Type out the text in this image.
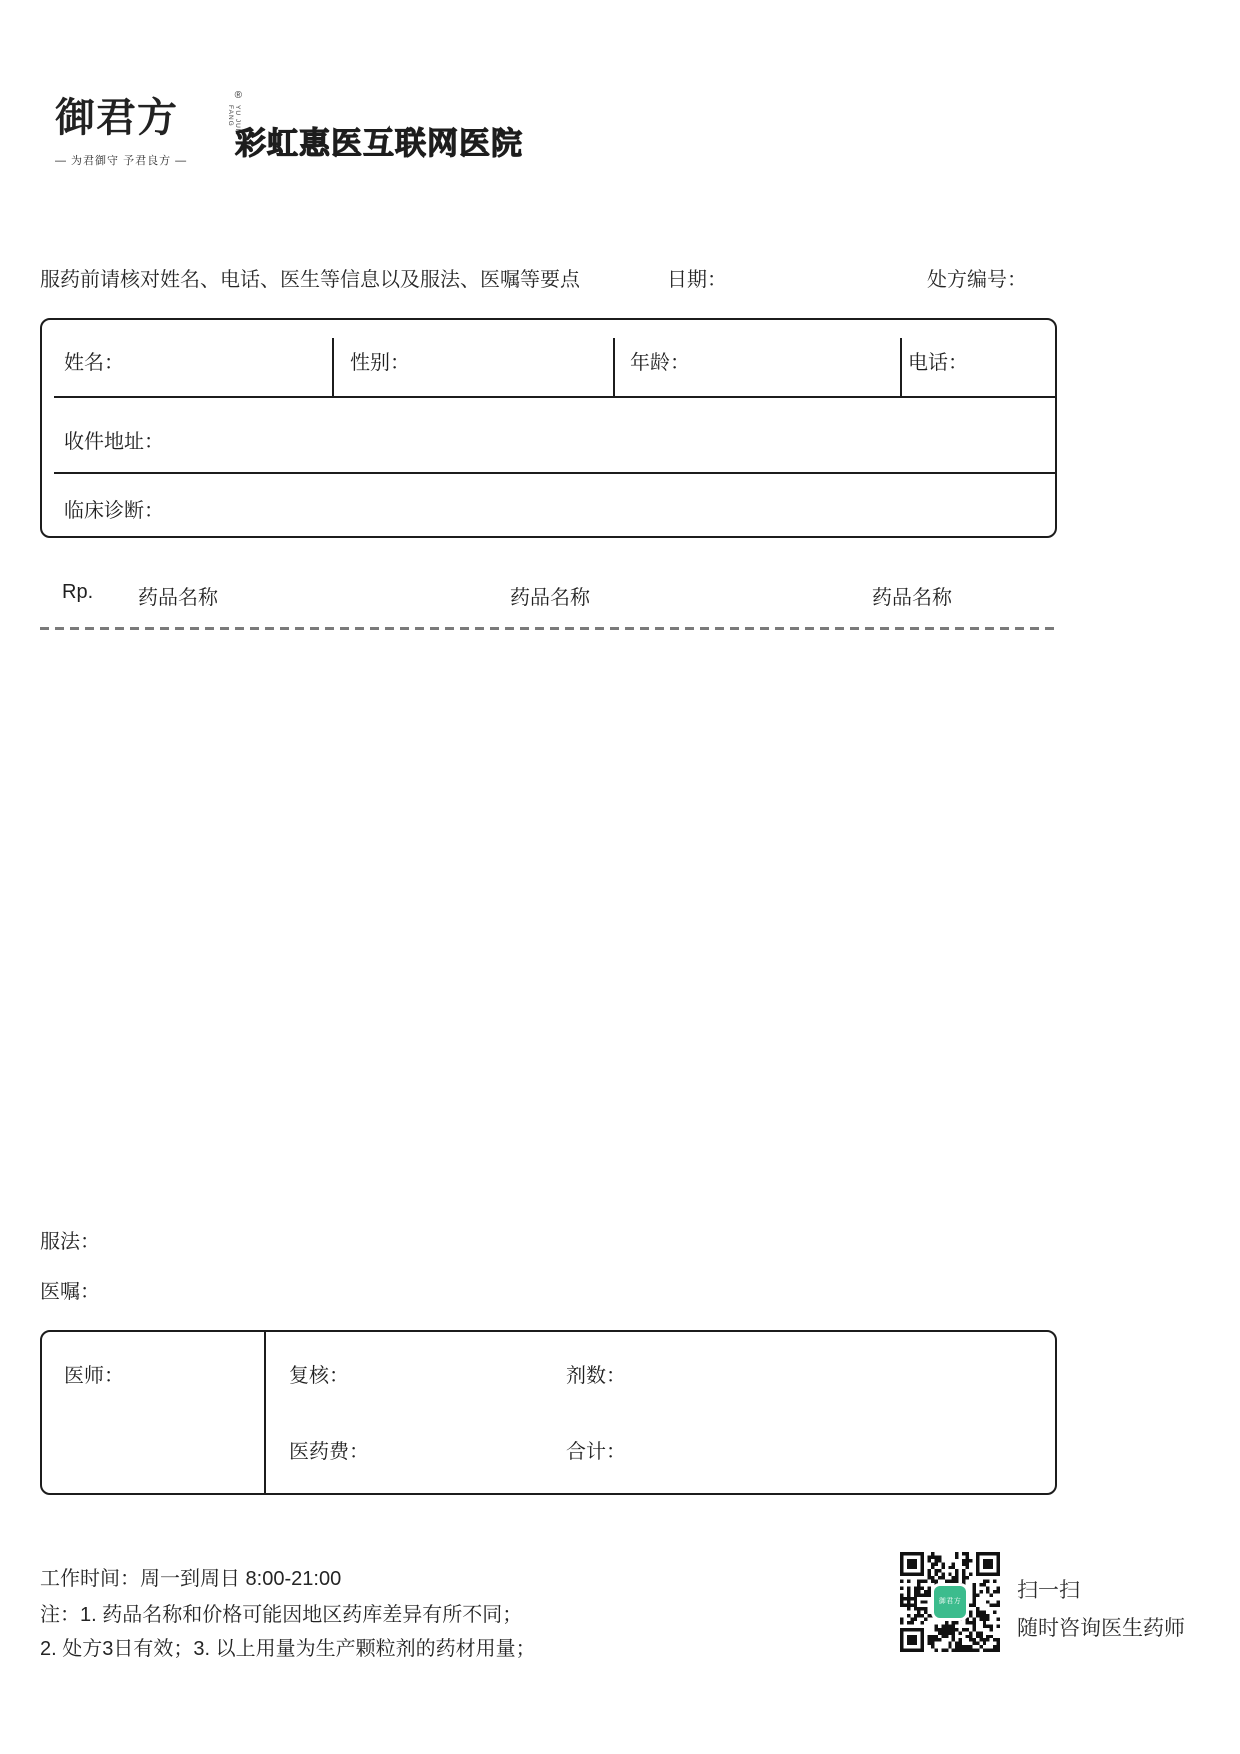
御君方	®
YU JUN FANG
— 为君御守 予君良方 —	彩虹惠医互联网医院
服药前请核对姓名、电话、医生等信息以及服法、医嘱等要点	日期：	处方编号：
姓名：	性别：	年龄：	电话：
收件地址：
临床诊断：
Rp. 药品名称	药品名称	药品名称
服法：
医嘱：
医师：	复核：	剂数：
医药费：	合计：
工作时间：周一到周日 8:00-21:00
注：1. 药品名称和价格可能因地区药库差异有所不同；
2. 处方3日有效；3. 以上用量为生产颗粒剂的药材用量；
御君方	扫一扫
随时咨询医生药师
